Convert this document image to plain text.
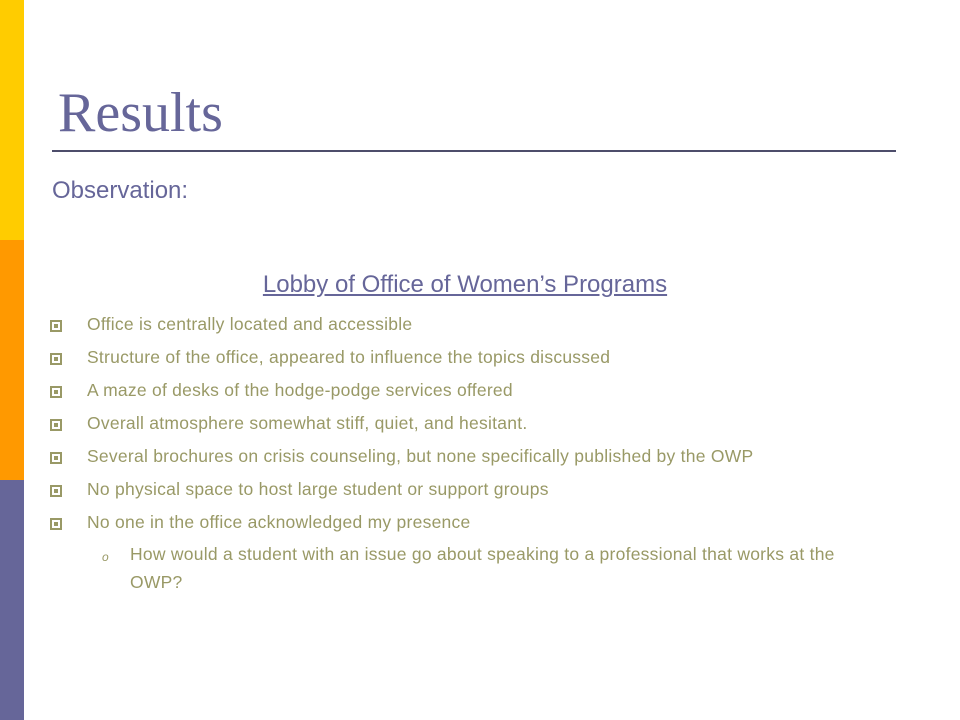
Results
Observation:
Lobby of Office of Women’s Programs
Office is centrally located and accessible
Structure of the office, appeared to influence the topics discussed
A maze of desks of the hodge-podge services offered
Overall atmosphere somewhat stiff, quiet, and hesitant.
Several brochures on crisis counseling, but none specifically published by the OWP
No physical space to host large student or support groups
No one in the office acknowledged my presence
o How would a student with an issue go about speaking to a professional that works at the OWP?
